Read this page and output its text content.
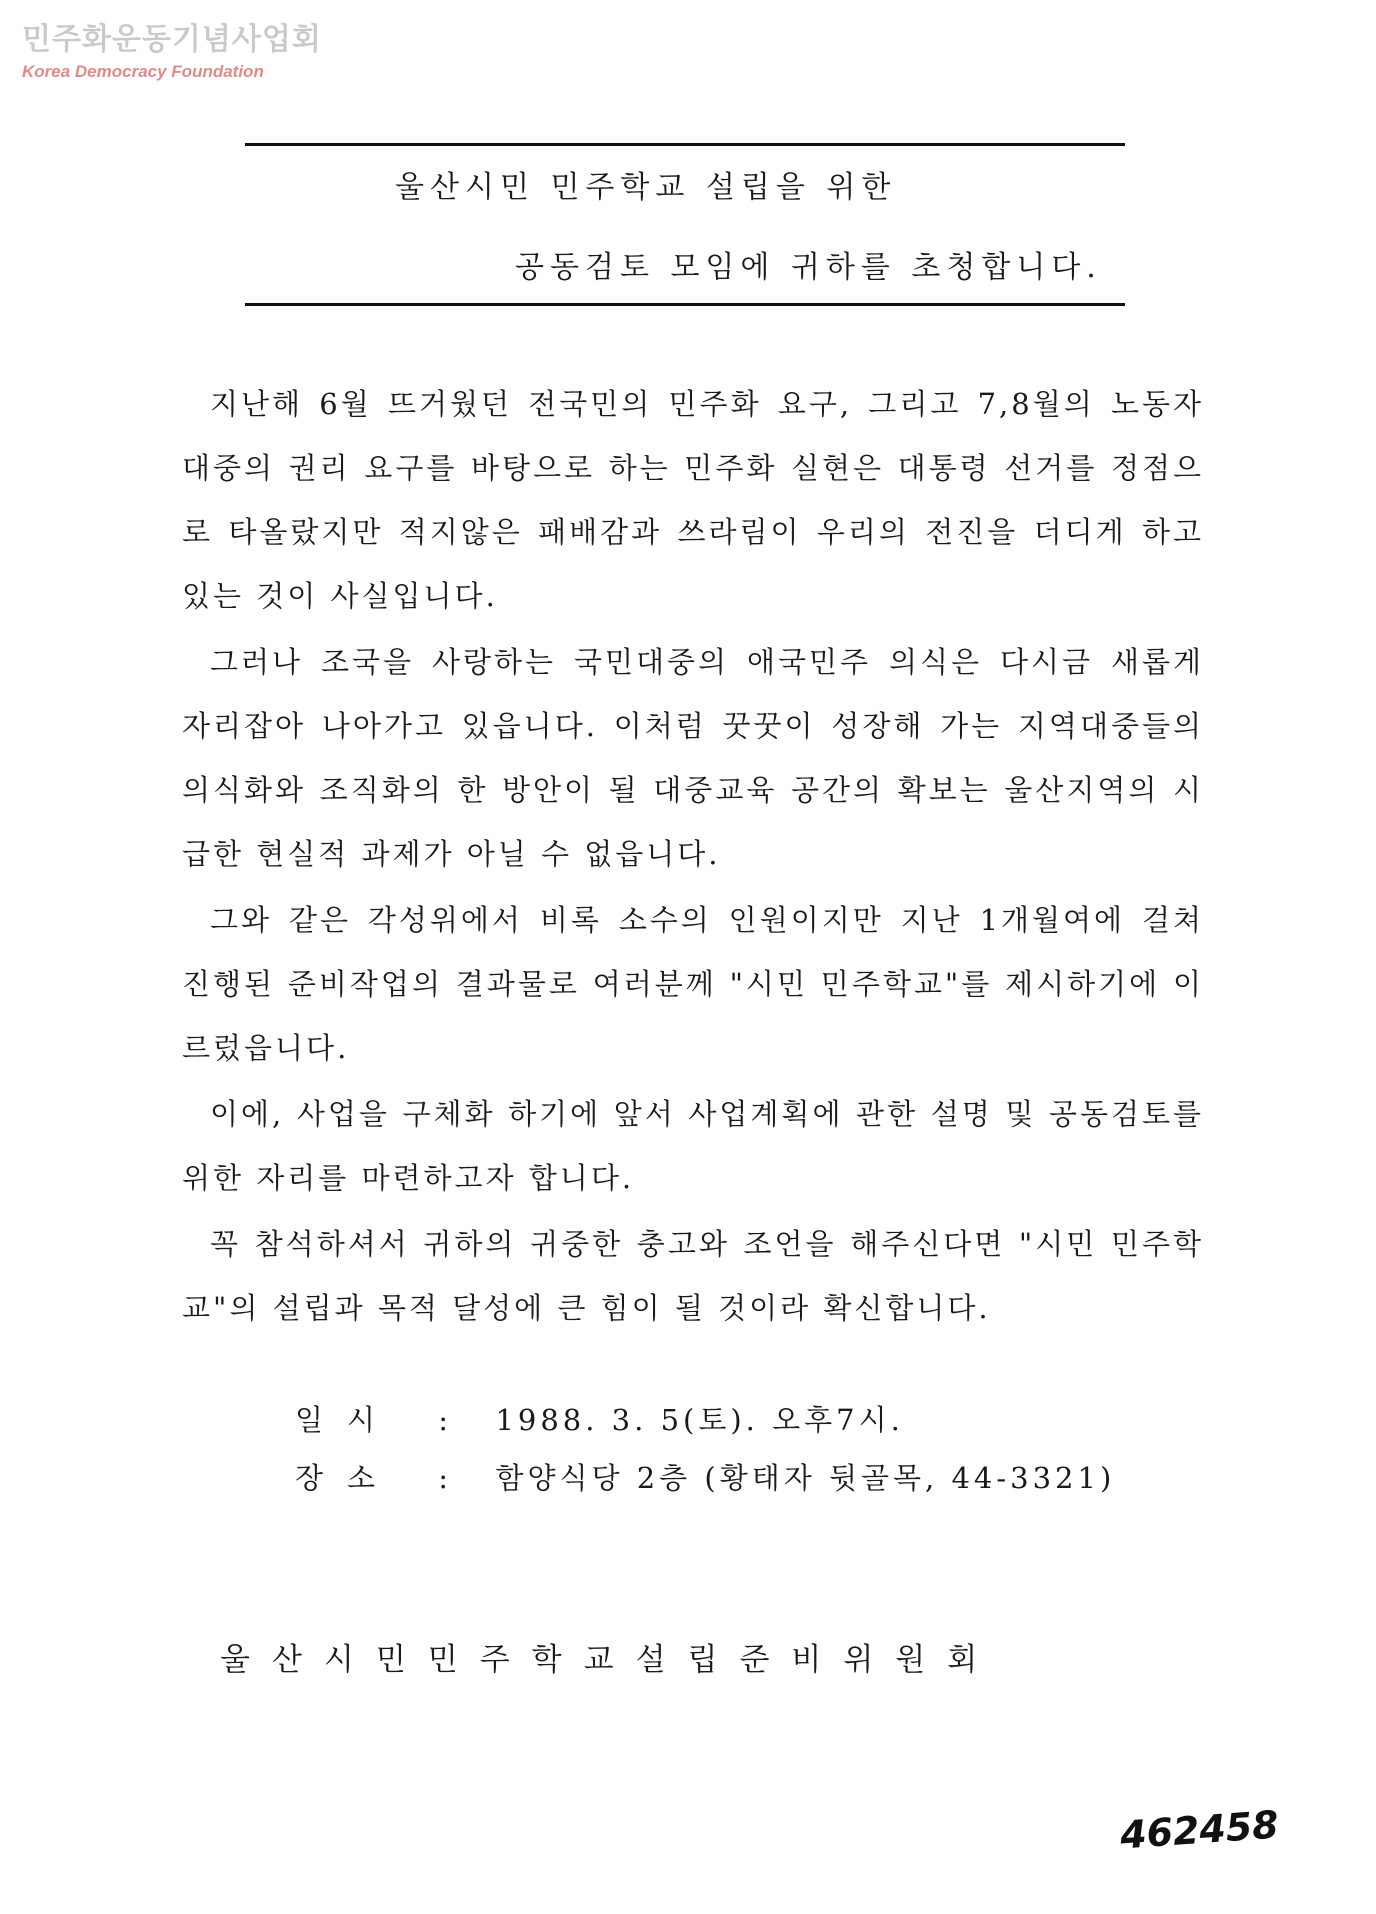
민주화운동기념사업회
Korea Democracy Foundation
울산시민 민주학교 설립을 위한
공동검토 모임에 귀하를 초청합니다.

지난해 6월 뜨거웠던 전국민의 민주화 요구, 그리고 7,8월의 노동자 대중의 권리 요구를 바탕으로 하는 민주화 실현은 대통령 선거를 정점으로 타올랐지만 적지않은 패배감과 쓰라림이 우리의 전진을 더디게 하고 있는 것이 사실입니다.

그러나 조국을 사랑하는 국민대중의 애국민주 의식은 다시금 새롭게 자리잡아 나아가고 있읍니다. 이처럼 꿋꿋이 성장해 가는 지역대중들의 의식화와 조직화의 한 방안이 될 대중교육 공간의 확보는 울산지역의 시급한 현실적 과제가 아닐 수 없읍니다.

그와 같은 각성위에서 비록 소수의 인원이지만 지난 1개월여에 걸쳐 진행된 준비작업의 결과물로 여러분께 "시민 민주학교"를 제시하기에 이르렀읍니다.

이에, 사업을 구체화 하기에 앞서 사업계획에 관한 설명 및 공동검토를 위한 자리를 마련하고자 합니다.

꼭 참석하셔서 귀하의 귀중한 충고와 조언을 해주신다면 "시민 민주학교"의 설립과 목적 달성에 큰 힘이 될 것이라 확신합니다.

일시 : 1988. 3. 5(토). 오후7시.
장소 : 함양식당 2층 (황태자 뒷골목, 44-3321)
울산시민민주학교설립준비위원회
462458
